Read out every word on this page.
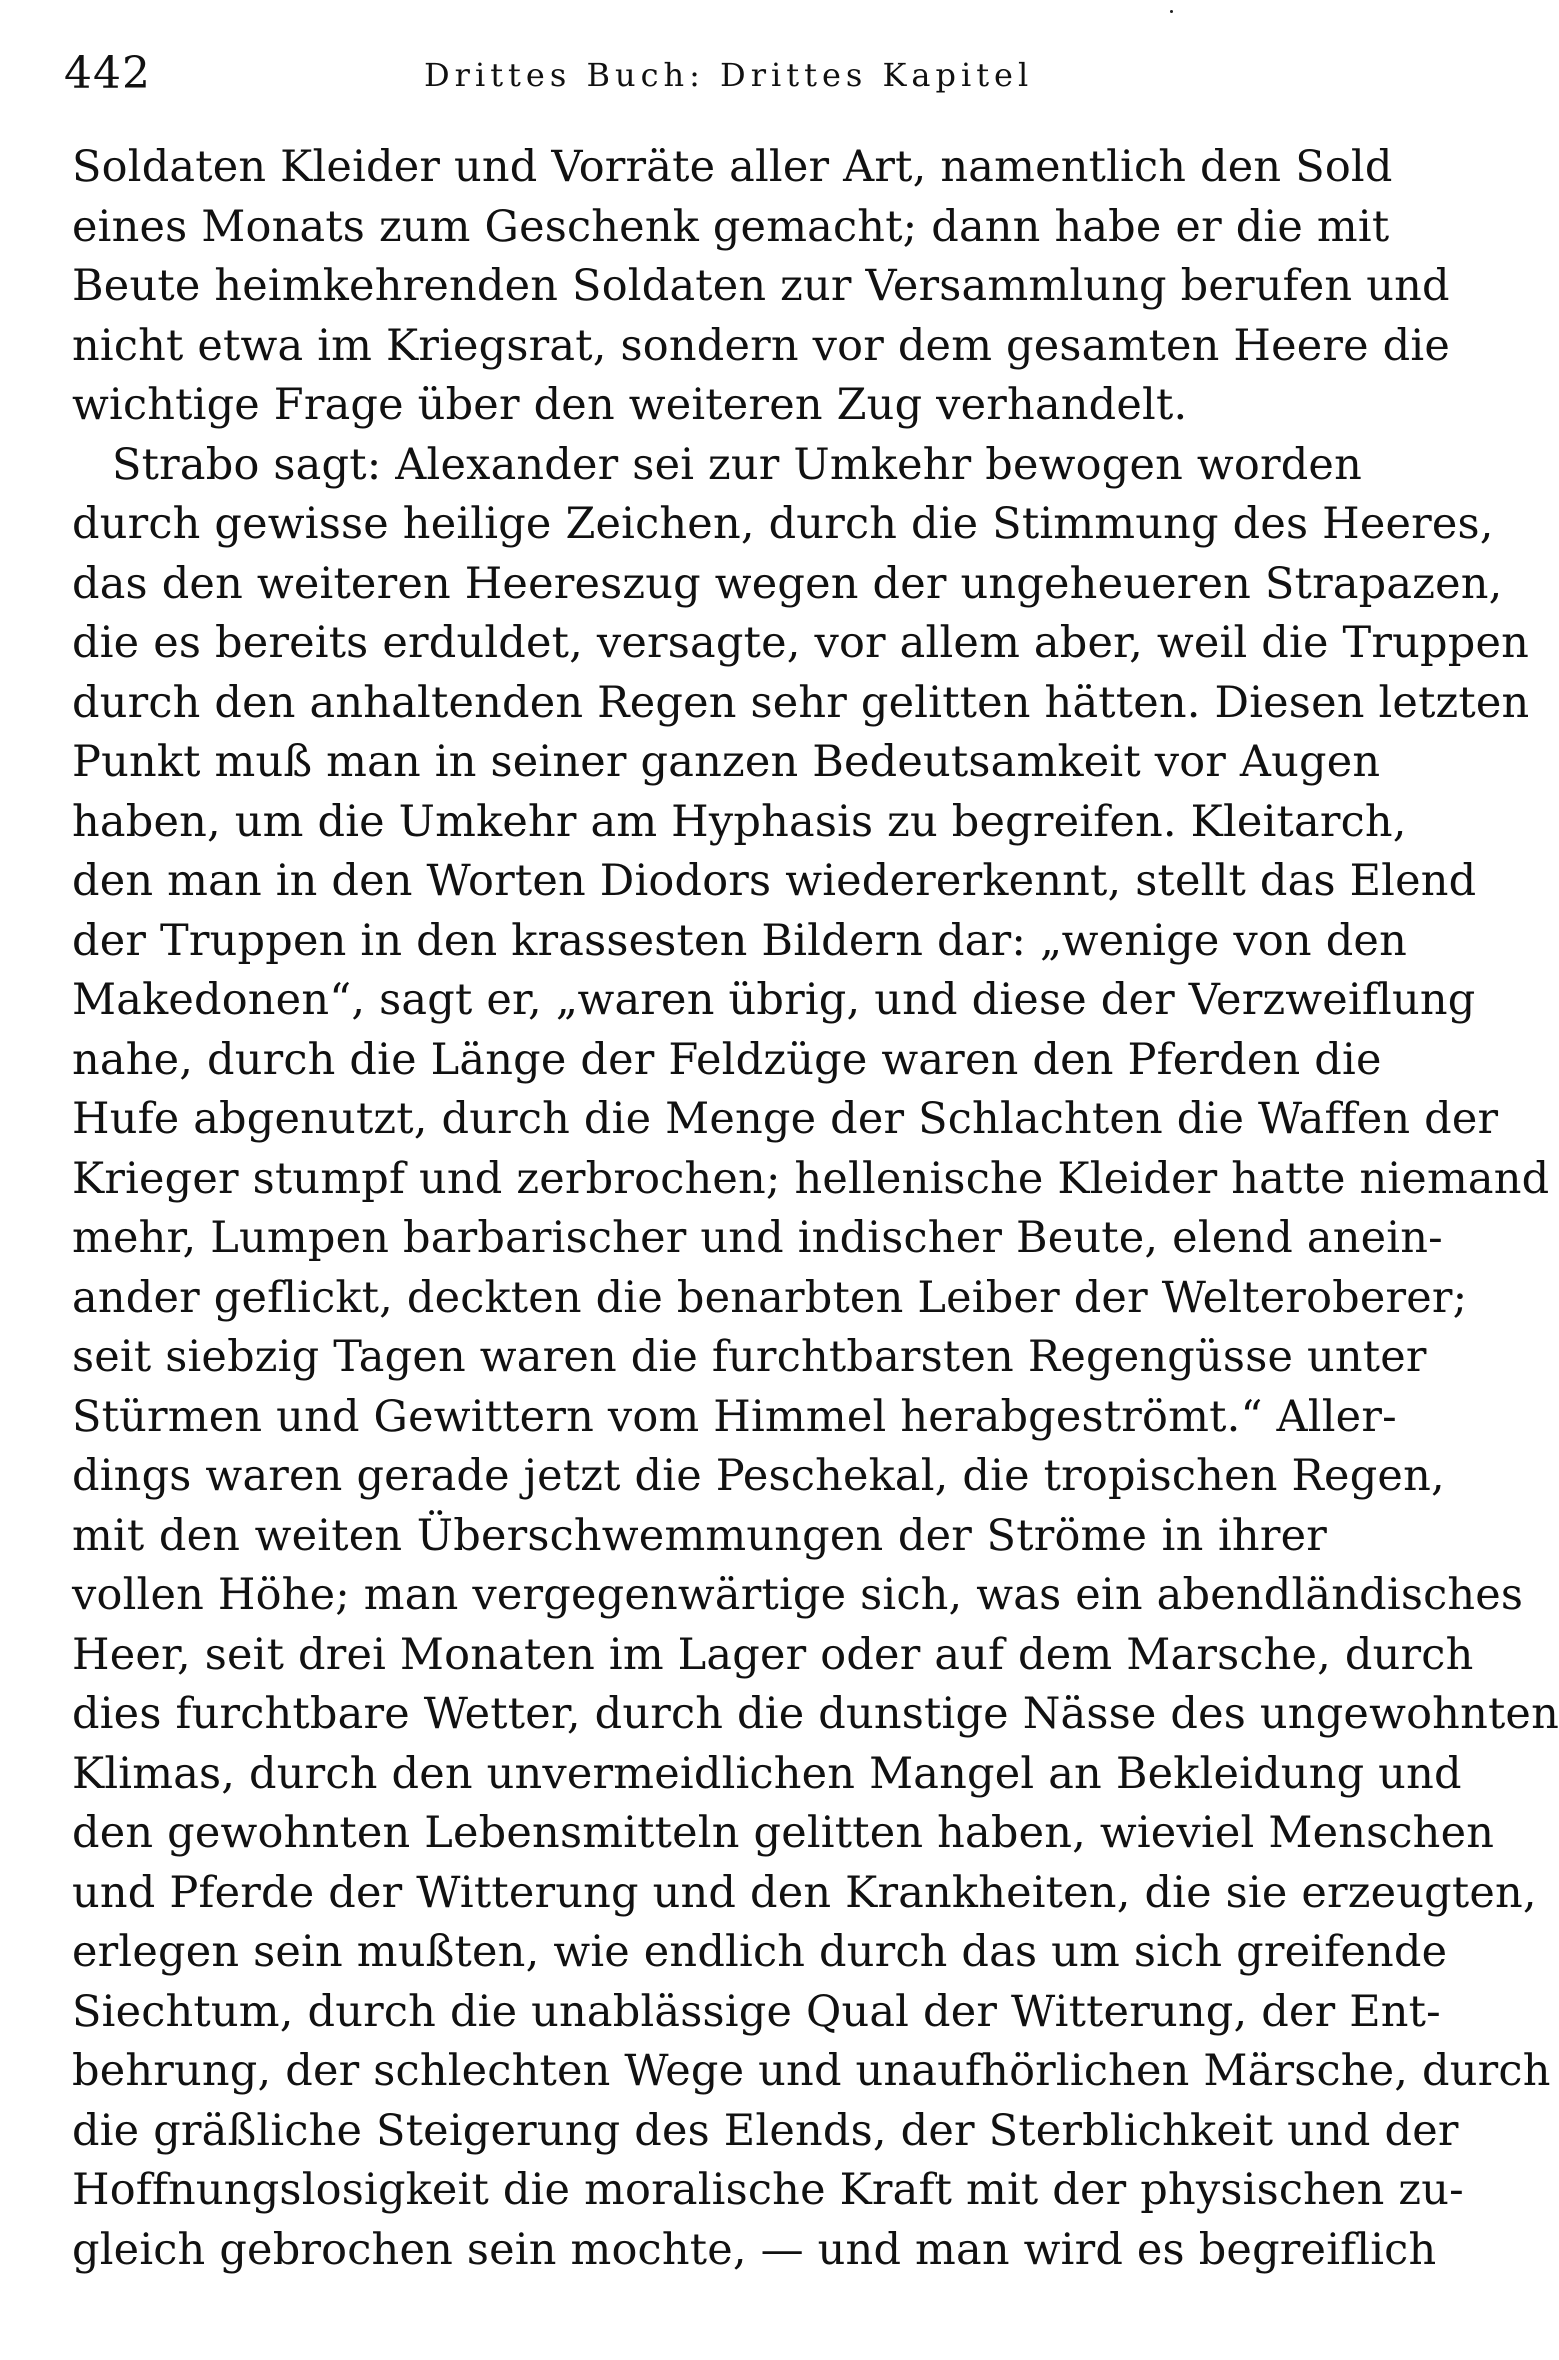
442	Drittes Buch: Drittes Kapitel
Soldaten Kleider und Vorräte aller Art, namentlich den Sold
eines Monats zum Geschenk gemacht; dann habe er die mit
Beute heimkehrenden Soldaten zur Versammlung berufen und
nicht etwa im Kriegsrat, sondern vor dem gesamten Heere die
wichtige Frage über den weiteren Zug verhandelt.
Strabo sagt: Alexander sei zur Umkehr bewogen worden
durch gewisse heilige Zeichen, durch die Stimmung des Heeres,
das den weiteren Heereszug wegen der ungeheueren Strapazen,
die es bereits erduldet, versagte, vor allem aber, weil die Truppen
durch den anhaltenden Regen sehr gelitten hätten. Diesen letzten
Punkt muß man in seiner ganzen Bedeutsamkeit vor Augen
haben, um die Umkehr am Hyphasis zu begreifen. Kleitarch,
den man in den Worten Diodors wiedererkennt, stellt das Elend
der Truppen in den krassesten Bildern dar: „wenige von den
Makedonen“, sagt er, „waren übrig, und diese der Verzweiflung
nahe, durch die Länge der Feldzüge waren den Pferden die
Hufe abgenutzt, durch die Menge der Schlachten die Waffen der
Krieger stumpf und zerbrochen; hellenische Kleider hatte niemand
mehr, Lumpen barbarischer und indischer Beute, elend anein-
ander geflickt, deckten die benarbten Leiber der Welteroberer;
seit siebzig Tagen waren die furchtbarsten Regengüsse unter
Stürmen und Gewittern vom Himmel herabgeströmt.“ Aller-
dings waren gerade jetzt die Peschekal, die tropischen Regen,
mit den weiten Überschwemmungen der Ströme in ihrer
vollen Höhe; man vergegenwärtige sich, was ein abendländisches
Heer, seit drei Monaten im Lager oder auf dem Marsche, durch
dies furchtbare Wetter, durch die dunstige Nässe des ungewohnten
Klimas, durch den unvermeidlichen Mangel an Bekleidung und
den gewohnten Lebensmitteln gelitten haben, wieviel Menschen
und Pferde der Witterung und den Krankheiten, die sie erzeugten,
erlegen sein mußten, wie endlich durch das um sich greifende
Siechtum, durch die unablässige Qual der Witterung, der Ent-
behrung, der schlechten Wege und unaufhörlichen Märsche, durch
die gräßliche Steigerung des Elends, der Sterblichkeit und der
Hoffnungslosigkeit die moralische Kraft mit der physischen zu-
gleich gebrochen sein mochte, — und man wird es begreiflich
